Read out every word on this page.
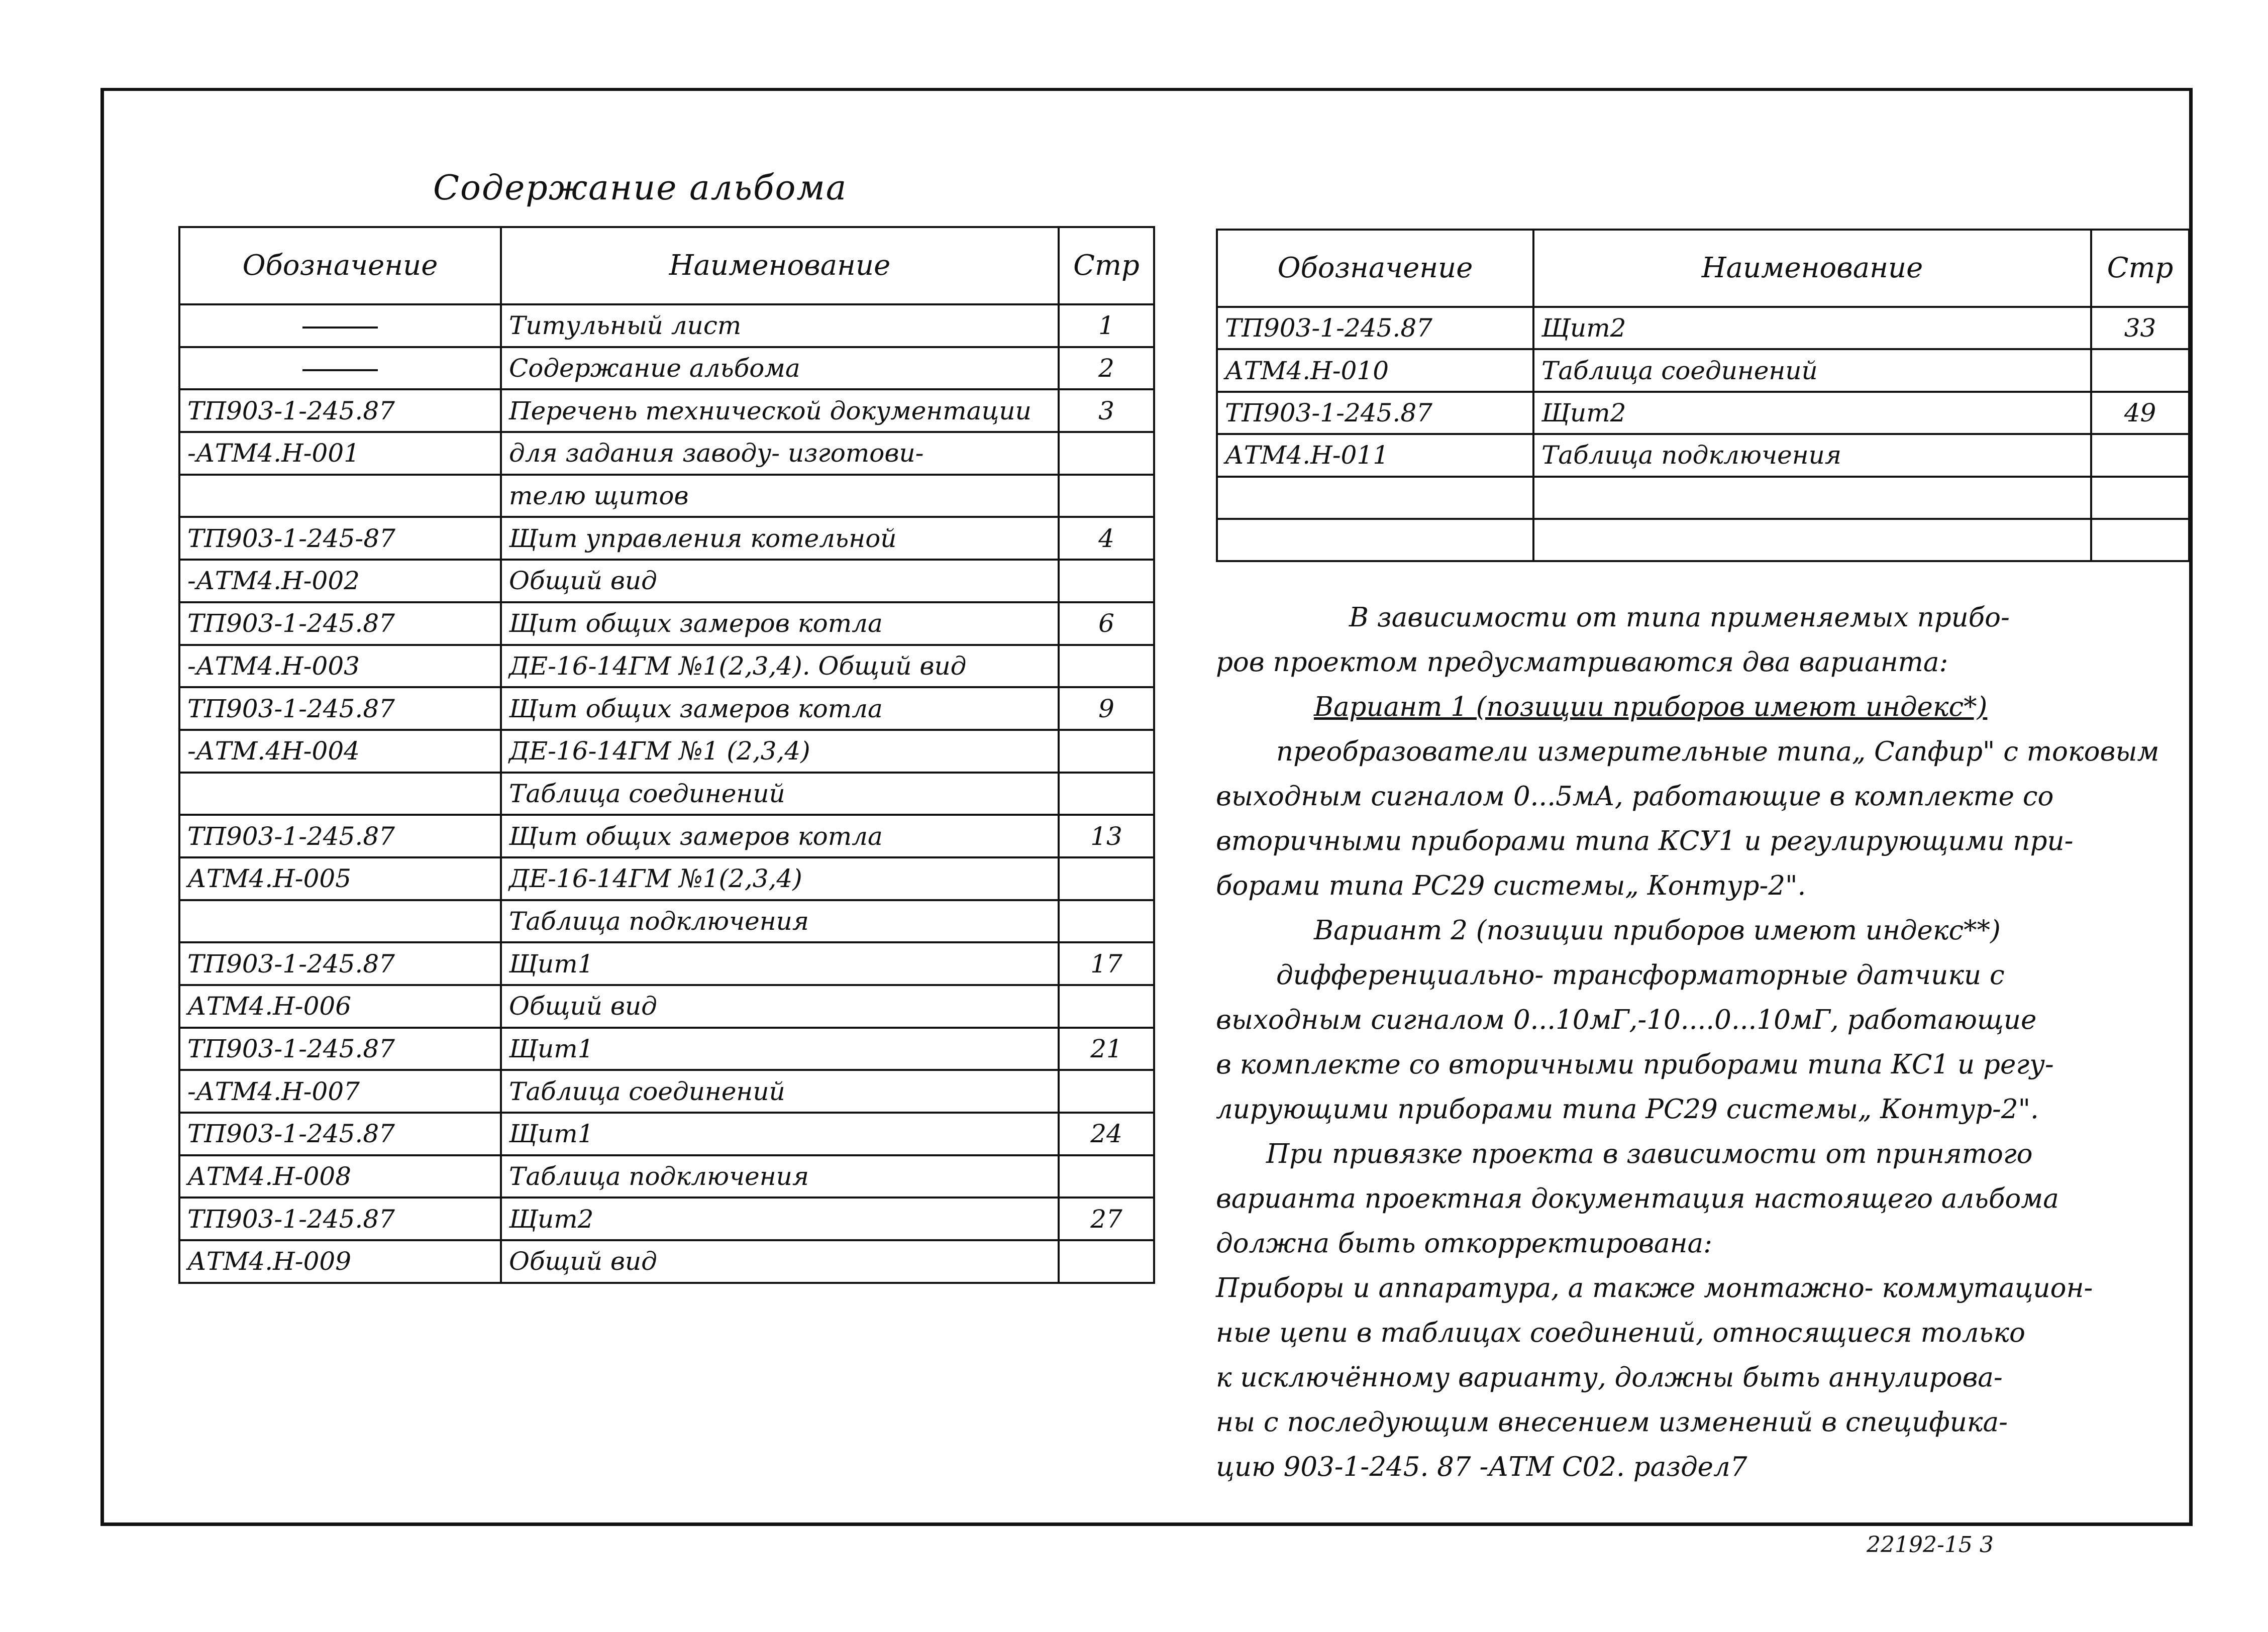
Содержание альбома
Обозначение	Наименование	Стр
	Титульный лист	1
	Содержание альбома	2
ТП903-1-245.87	Перечень технической документации	3
-АТМ4.Н-001	для задания заводу- изготови-	
	телю щитов	
ТП903-1-245-87	Щит управления котельной	4
-АТМ4.Н-002	Общий вид	
ТП903-1-245.87	Щит общих замеров котла	6
-АТМ4.Н-003	ДЕ-16-14ГМ №1(2,3,4). Общий вид	
ТП903-1-245.87	Щит общих замеров котла	9
-АТМ.4Н-004	ДЕ-16-14ГМ №1 (2,3,4)	
	Таблица соединений	
ТП903-1-245.87	Щит общих замеров котла	13
АТМ4.Н-005	ДЕ-16-14ГМ №1(2,3,4)	
	Таблица подключения	
ТП903-1-245.87	Щит1	17
АТМ4.Н-006	Общий вид	
ТП903-1-245.87	Щит1	21
-АТМ4.Н-007	Таблица соединений	
ТП903-1-245.87	Щит1	24
АТМ4.Н-008	Таблица подключения	
ТП903-1-245.87	Щит2	27
АТМ4.Н-009	Общий вид	
Обозначение	Наименование	Стр
ТП903-1-245.87	Щит2	33
АТМ4.Н-010	Таблица соединений	
ТП903-1-245.87	Щит2	49
АТМ4.Н-011	Таблица подключения	

В зависимости от типа применяемых прибо-

ров проектом предусматриваются два варианта:

Вариант 1 (позиции приборов имеют индекс*)

преобразователи измерительные типа„ Сапфир" с токовым

выходным сигналом 0...5мА, работающие в комплекте со

вторичными приборами типа КСУ1 и регулирующими при-

борами типа РС29 системы„ Контур-2".

Вариант 2 (позиции приборов имеют индекс**)

дифференциально- трансформаторные датчики с

выходным сигналом 0...10мГ,-10....0...10мГ, работающие

в комплекте со вторичными приборами типа КС1 и регу-

лирующими приборами типа РС29 системы„ Контур-2".

При привязке проекта в зависимости от принятого

варианта проектная документация настоящего альбома

должна быть откорректирована:

Приборы и аппаратура, а также монтажно- коммутацион-

ные цепи в таблицах соединений, относящиеся только

к исключённому варианту, должны быть аннулирова-

ны с последующим внесением изменений в специфика-

цию 903-1-245. 87 -АТМ С02. раздел7

22192-15 3
